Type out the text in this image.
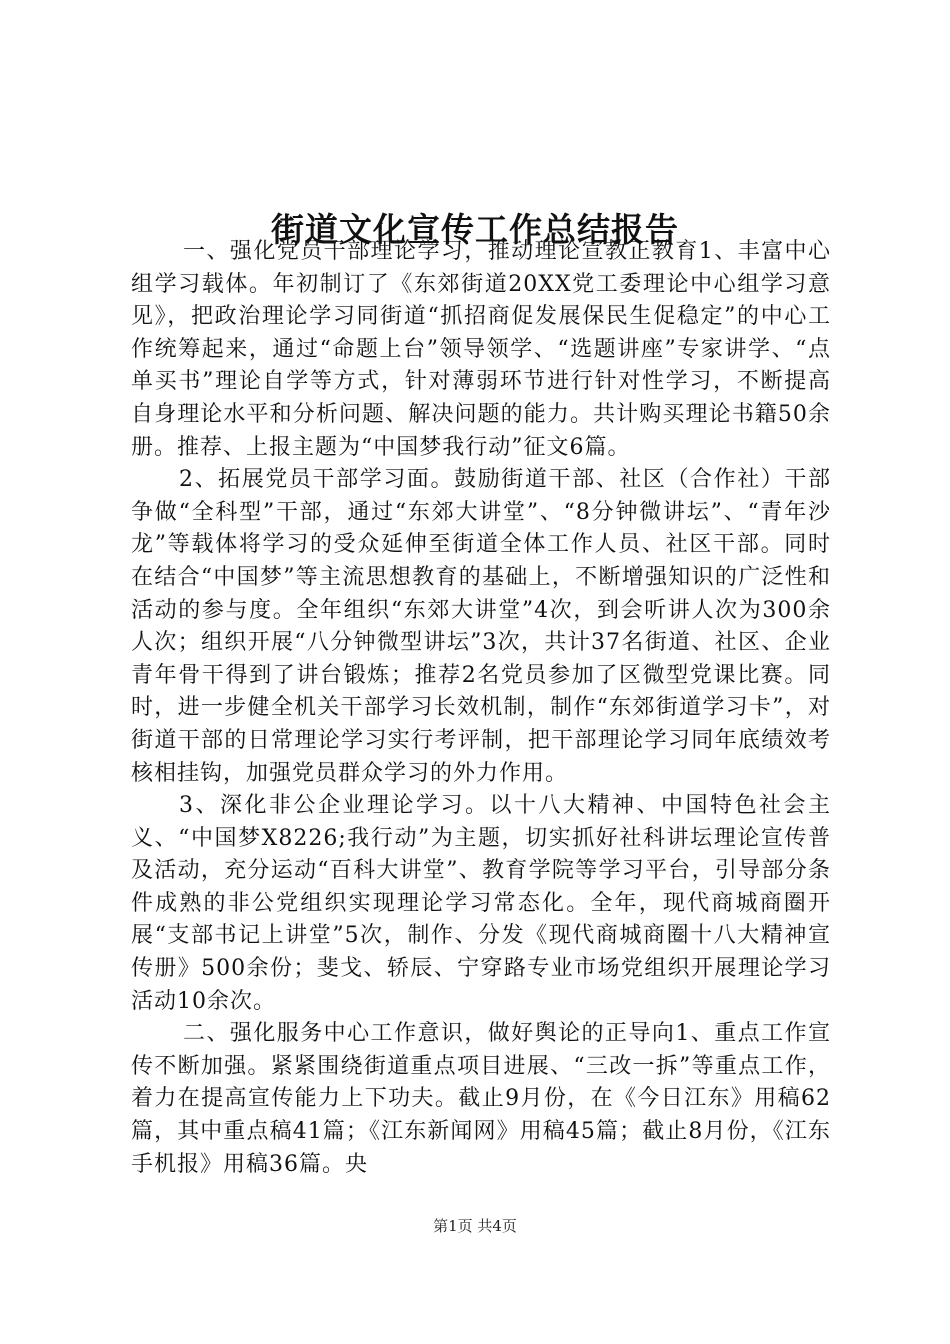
街道文化宣传工作总结报告

一、强化党员干部理论学习，推动理论宣教正教育1、丰富中心组学习载体。年初制订了《东郊街道20XX党工委理论中心组学习意见》，把政治理论学习同街道“抓招商促发展保民生促稳定”的中心工作统筹起来，通过“命题上台”领导领学、“选题讲座”专家讲学、“点单买书”理论自学等方式，针对薄弱环节进行针对性学习，不断提高自身理论水平和分析问题、解决问题的能力。共计购买理论书籍50余册。推荐、上报主题为“中国梦我行动”征文6篇。

2、拓展党员干部学习面。鼓励街道干部、社区（合作社）干部争做“全科型”干部，通过“东郊大讲堂”、“8分钟微讲坛”、“青年沙龙”等载体将学习的受众延伸至街道全体工作人员、社区干部。同时在结合“中国梦”等主流思想教育的基础上，不断增强知识的广泛性和活动的参与度。全年组织“东郊大讲堂”4次，到会听讲人次为300余人次；组织开展“八分钟微型讲坛”3次，共计37名街道、社区、企业青年骨干得到了讲台锻炼；推荐2名党员参加了区微型党课比赛。同时，进一步健全机关干部学习长效机制，制作“东郊街道学习卡”，对街道干部的日常理论学习实行考评制，把干部理论学习同年底绩效考核相挂钩，加强党员群众学习的外力作用。

3、深化非公企业理论学习。以十八大精神、中国特色社会主义、“中国梦X8226;我行动”为主题，切实抓好社科讲坛理论宣传普及活动，充分运动“百科大讲堂”、教育学院等学习平台，引导部分条件成熟的非公党组织实现理论学习常态化。全年，现代商城商圈开展“支部书记上讲堂”5次，制作、分发《现代商城商圈十八大精神宣传册》500余份；斐戈、轿辰、宁穿路专业市场党组织开展理论学习活动10余次。

二、强化服务中心工作意识，做好舆论的正导向1、重点工作宣传不断加强。紧紧围绕街道重点项目进展、“三改一拆”等重点工作，着力在提高宣传能力上下功夫。截止9月份，在《今日江东》用稿62篇，其中重点稿41篇；《江东新闻网》用稿45篇；截止8月份，《江东手机报》用稿36篇。央

第1页 共4页
